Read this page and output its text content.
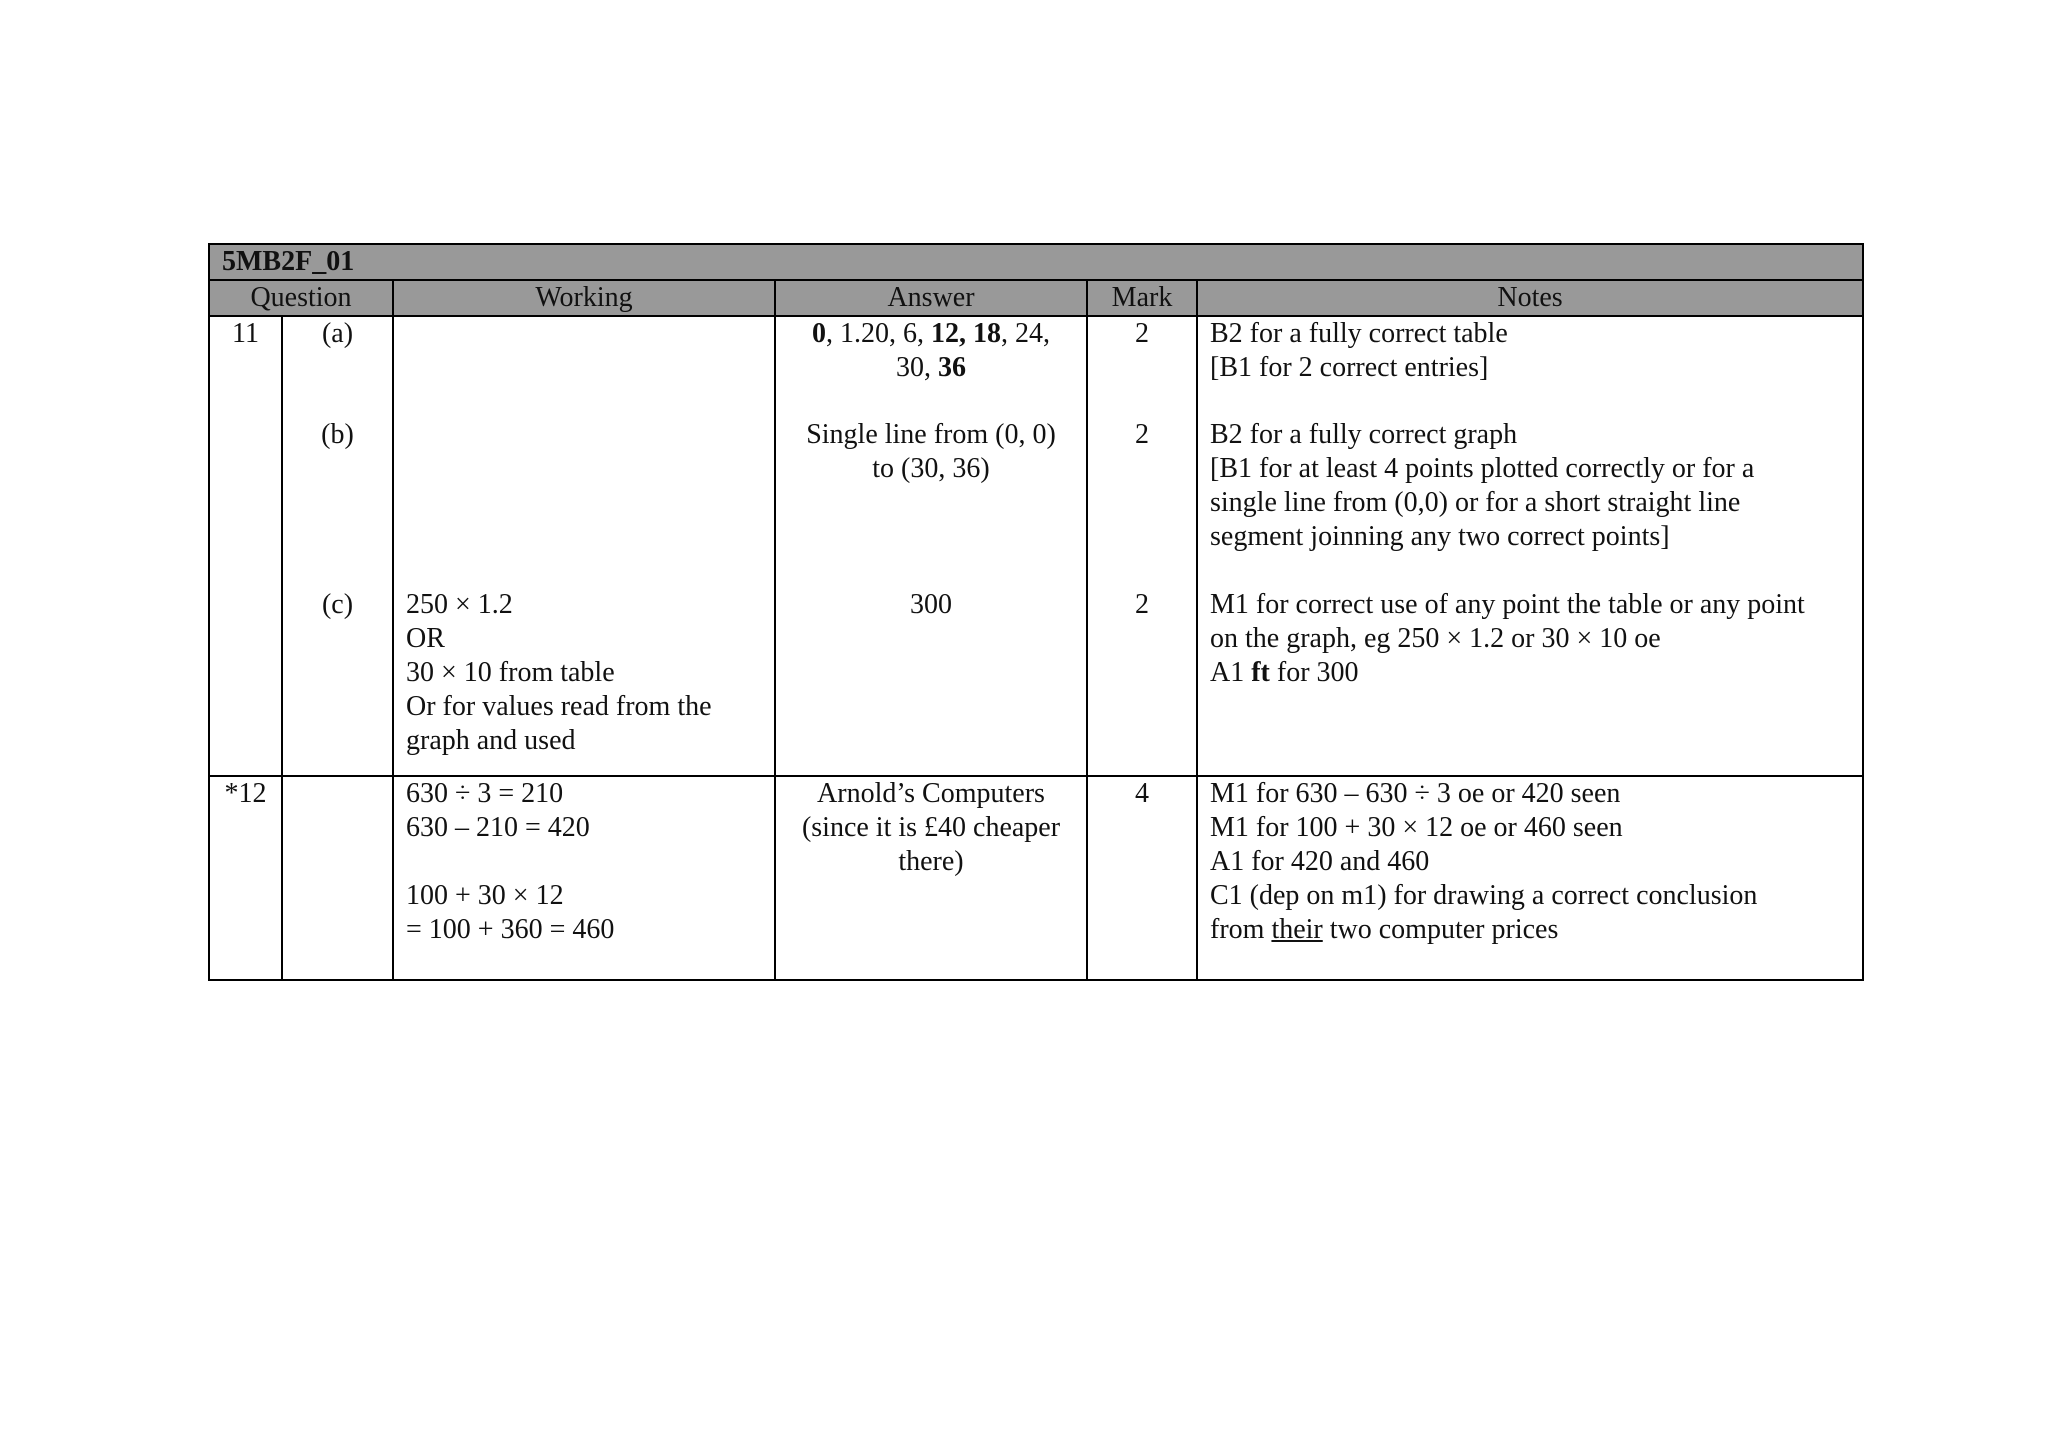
5MB2F_01					
Question		Working	Answer	Mark	Notes
11	(a)		0, 1.20, 6, 12, 18, 24,
30, 36	2	B2 for a fully correct table
[B1 for 2 correct entries]

	(b)		Single line from (0, 0)
to (30, 36)	2	B2 for a fully correct graph
[B1 for at least 4 points plotted correctly or for a
single line from (0,0) or for a short straight line
segment joinning any two correct points]

	(c)	250 × 1.2
OR
30 × 10 from table
Or for values read from the
graph and used	300	2	M1 for correct use of any point the table or any point
on the graph, eg 250 × 1.2 or 30 × 10 oe
A1 ft for 300

*12		630 ÷ 3 = 210
630 – 210 = 420
100 + 30 × 12
= 100 + 360 = 460	Arnold’s Computers
(since it is £40 cheaper
there)	4	M1 for 630 – 630 ÷ 3 oe or 420 seen
M1 for 100 + 30 × 12 oe or 460 seen
A1 for 420 and 460
C1 (dep on m1) for drawing a correct conclusion
from their two computer prices
